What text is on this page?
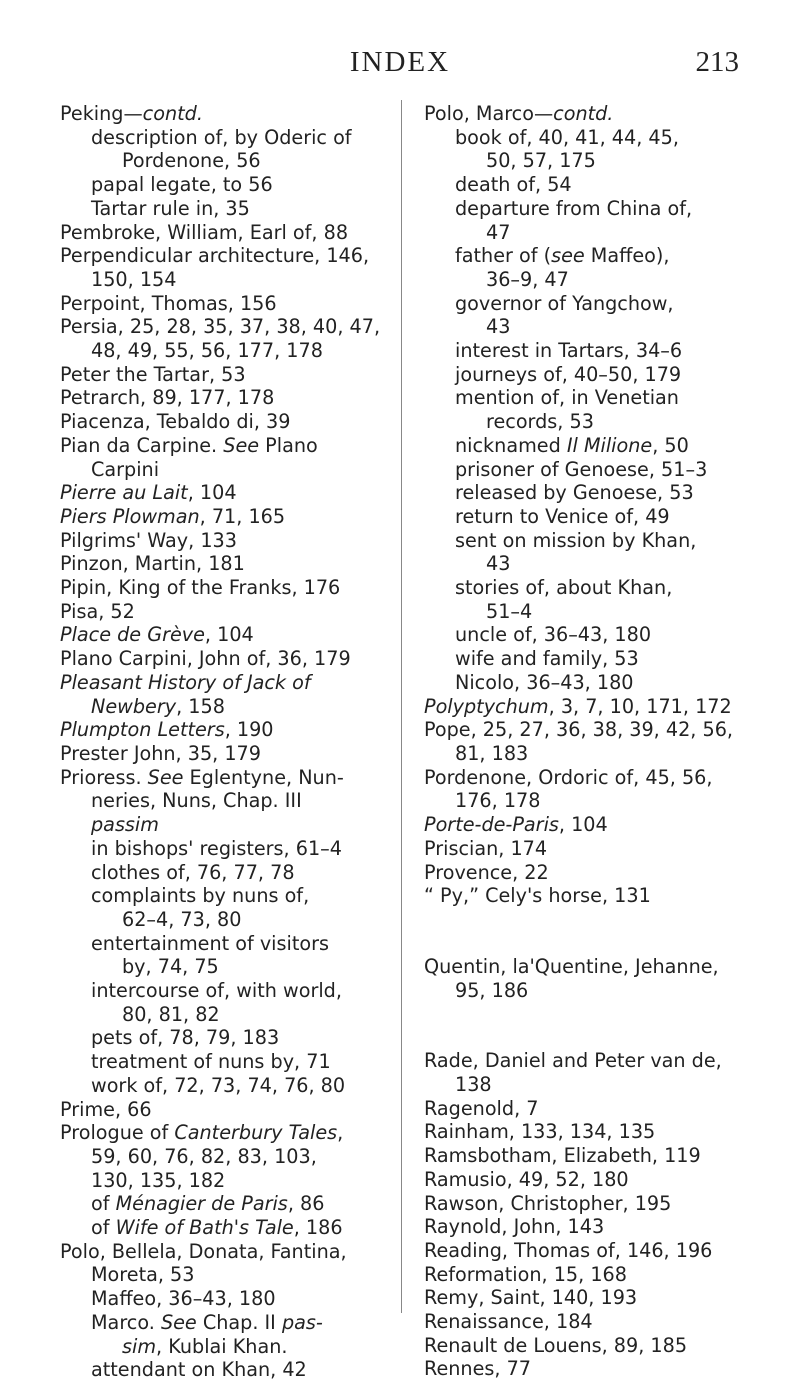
INDEX	213
Peking—contd.
description of, by Oderic of
Pordenone, 56
papal legate, to 56
Tartar rule in, 35
Pembroke, William, Earl of, 88
Perpendicular architecture, 146,
150, 154
Perpoint, Thomas, 156
Persia, 25, 28, 35, 37, 38, 40, 47,
48, 49, 55, 56, 177, 178
Peter the Tartar, 53
Petrarch, 89, 177, 178
Piacenza, Tebaldo di, 39
Pian da Carpine. See Plano
Carpini
Pierre au Lait, 104
Piers Plowman, 71, 165
Pilgrims' Way, 133
Pinzon, Martin, 181
Pipin, King of the Franks, 176
Pisa, 52
Place de Grève, 104
Plano Carpini, John of, 36, 179
Pleasant History of Jack of
Newbery, 158
Plumpton Letters, 190
Prester John, 35, 179
Prioress. See Eglentyne, Nun-
neries, Nuns, Chap. III
passim
in bishops' registers, 61–4
clothes of, 76, 77, 78
complaints by nuns of,
62–4, 73, 80
entertainment of visitors
by, 74, 75
intercourse of, with world,
80, 81, 82
pets of, 78, 79, 183
treatment of nuns by, 71
work of, 72, 73, 74, 76, 80
Prime, 66
Prologue of Canterbury Tales,
59, 60, 76, 82, 83, 103,
130, 135, 182
of Ménagier de Paris, 86
of Wife of Bath's Tale, 186
Polo, Bellela, Donata, Fantina,
Moreta, 53
Maffeo, 36–43, 180
Marco. See Chap. II pas-
sim, Kublai Khan.
attendant on Khan, 42
Polo, Marco—contd.
book of, 40, 41, 44, 45,
50, 57, 175
death of, 54
departure from China of,
47
father of (see Maffeo),
36–9, 47
governor of Yangchow,
43
interest in Tartars, 34–6
journeys of, 40–50, 179
mention of, in Venetian
records, 53
nicknamed Il Milione, 50
prisoner of Genoese, 51–3
released by Genoese, 53
return to Venice of, 49
sent on mission by Khan,
43
stories of, about Khan,
51–4
uncle of, 36–43, 180
wife and family, 53
Nicolo, 36–43, 180
Polyptychum, 3, 7, 10, 171, 172
Pope, 25, 27, 36, 38, 39, 42, 56,
81, 183
Pordenone, Ordoric of, 45, 56,
176, 178
Porte-de-Paris, 104
Priscian, 174
Provence, 22
“ Py,” Cely's horse, 131
Quentin, la'Quentine, Jehanne,
95, 186
Rade, Daniel and Peter van de,
138
Ragenold, 7
Rainham, 133, 134, 135
Ramsbotham, Elizabeth, 119
Ramusio, 49, 52, 180
Rawson, Christopher, 195
Raynold, John, 143
Reading, Thomas of, 146, 196
Reformation, 15, 168
Remy, Saint, 140, 193
Renaissance, 184
Renault de Louens, 89, 185
Rennes, 77
